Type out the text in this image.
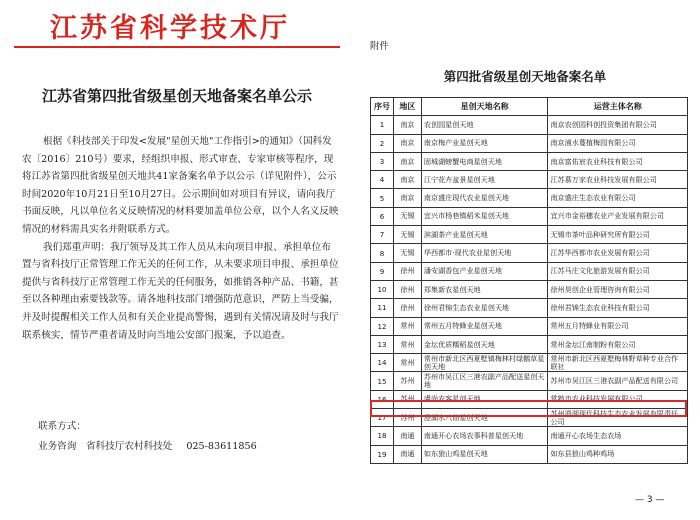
江苏省科学技术厅
江苏省第四批省级星创天地备案名单公示

根据《科技部关于印发<发展"星创天地"工作指引>的通知》（国科发农〔2016〕210号）要求，经组织申报、形式审查、专家审核等程序，现将江苏省第四批省级星创天地共41家备案名单予以公示（详见附件），公示时间2020年10月21日至10月27日。公示期间如对项目有异议，请向我厅书面反映，凡以单位名义反映情况的材料要加盖单位公章，以个人名义反映情况的材料需具实名并附联系方式。

我们郑重声明：我厅领导及其工作人员从未向项目申报、承担单位布置与省科技厅正常管理工作无关的任何工作，从未要求项目申报、承担单位提供与省科技厅正常管理工作无关的任何服务，如推销各种产品、书籍，甚至以各种理由索要钱款等。请各地科技部门增强防范意识，严防上当受骗，并及时提醒相关工作人员和有关企业提高警惕，遇到有关情况请及时与我厅联系核实，情节严重者请及时向当地公安部门报案，予以追查。

联系方式：
业务咨询　省科技厅农村科技处 025-83611856
附件
第四批省级星创天地备案名单
序号	地区	星创天地名称	运营主体名称
1	南京	农创园星创天地	南京农创园科创投资集团有限公司
2	南京	南京梅产业星创天地	南京浦水蔓植梅园有限公司
3	南京	固城湖螃蟹电商星创天地	南京富佑宸农业科技有限公司
4	南京	江宁花卉盆景星创天地	江苏慕万家农业科技发展有限公司
5	南京	南京盛庄现代农业星创天地	南京盛庄生态农业有限公司
6	无锡	宜兴市杨巷镇稻米星创天地	宜兴市金裕穗农业产业发展有限公司
7	无锡	滨湖茶产业星创天地	无锡市茶叶品种研究所有限公司
8	无锡	华西都市·现代农业星创天地	江苏华西都市农业发展有限公司
9	徐州	潘安湖香包产业星创天地	江苏马庄文化旅游发展有限公司
10	徐州	郑集新农星创天地	徐州昊创企业管理咨询有限公司
11	徐州	徐州君锦生态农业星创天地	徐州君锦生态农业科技有限公司
12	常州	常州五月特蜂业星创天地	常州五月特蜂业有限公司
13	常州	金坛优质糯稻星创天地	常州金坛江南制粉有限公司
14	常州	常州市新北区西夏墅镇梅林村绿鹅草星创天地	常州市新北区西夏墅梅林野草种专业合作联社
15	苏州	苏州市吴江区三港农副产品配送星创天地	苏州市吴江区三港农副产品配送有限公司
16	苏州	虞尚农客星创天地	常熟市农业科技发展有限公司
17	苏州	澄湖水八仙星创天地	苏州澄湖现代科技生态农业发展有限责任公司
18	南通	南通开心农场农事科普星创天地	南通开心农场生态农场
19	南通	如东狼山鸡星创天地	如东县狼山鸡种鸡场
— 3 —
